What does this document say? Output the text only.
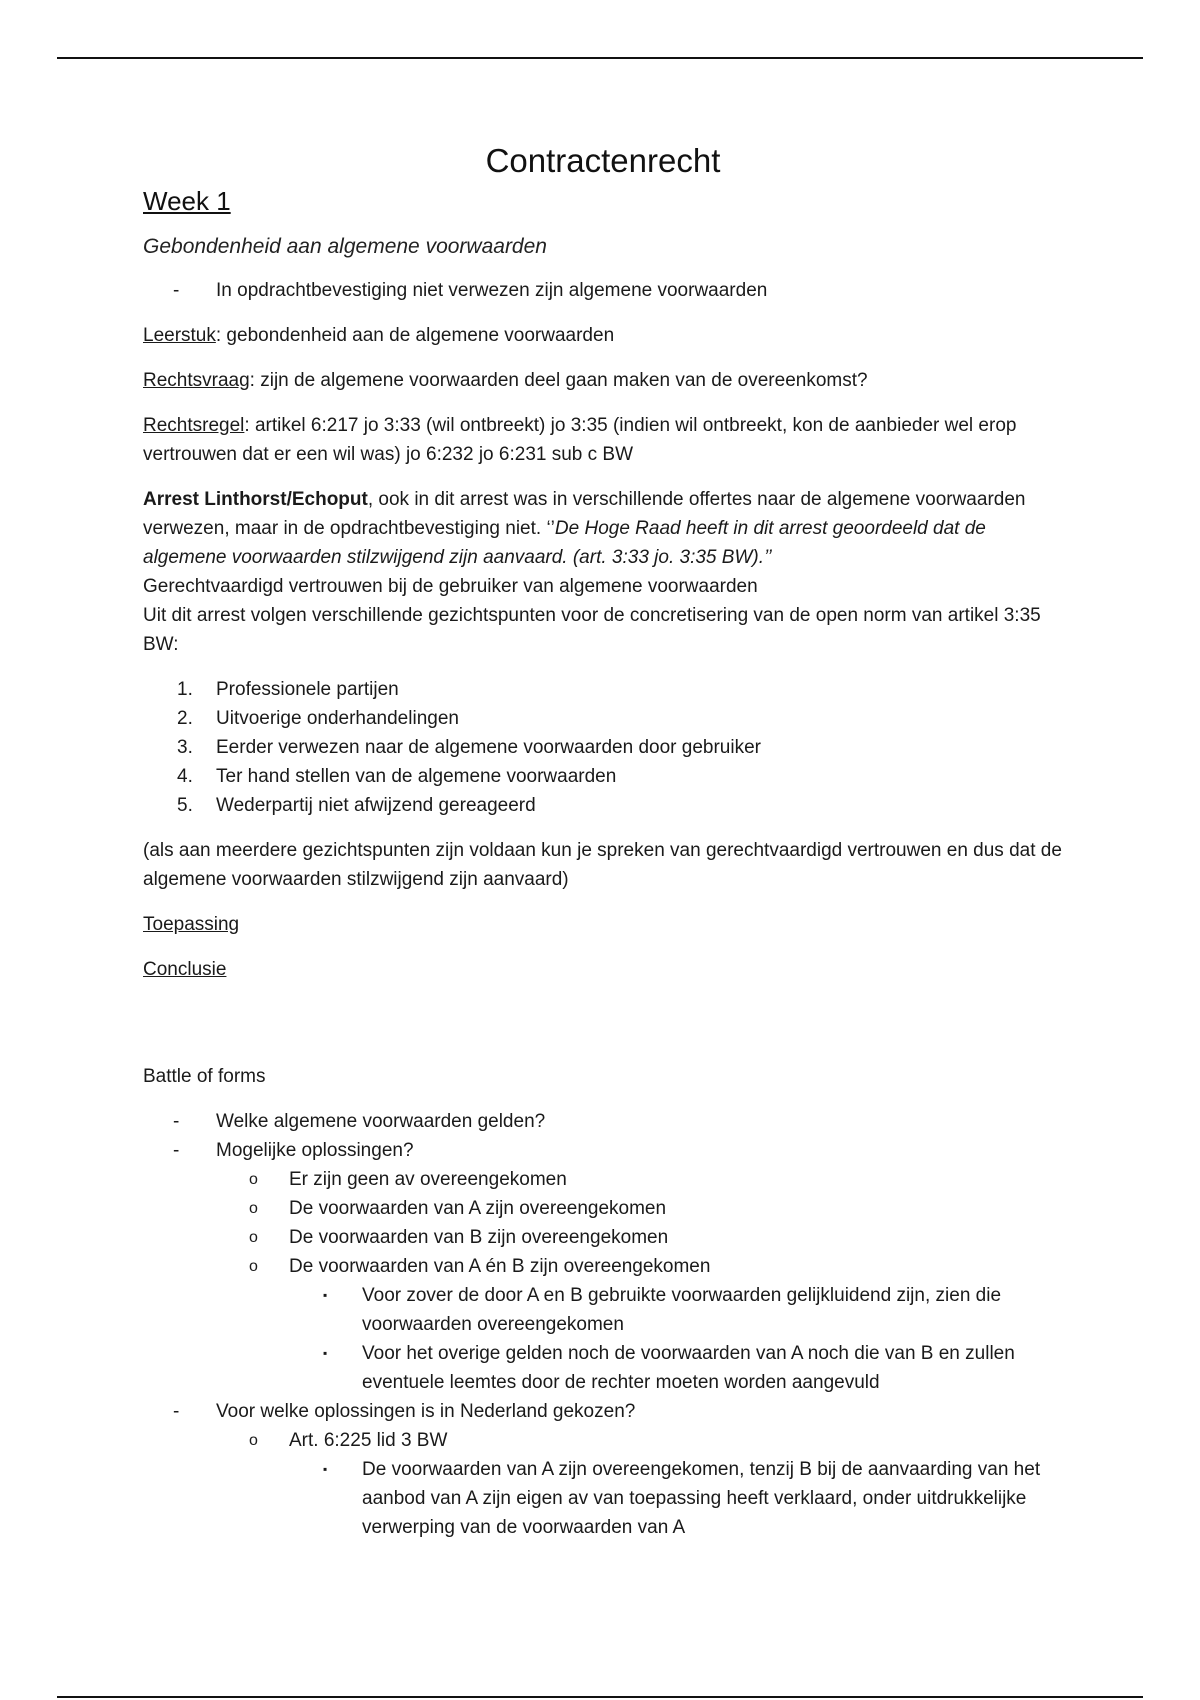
Contractenrecht
Week 1
Gebondenheid aan algemene voorwaarden
-	In opdrachtbevestiging niet verwezen zijn algemene voorwaarden

Leerstuk: gebondenheid aan de algemene voorwaarden

Rechtsvraag: zijn de algemene voorwaarden deel gaan maken van de overeenkomst?

Rechtsregel: artikel 6:217 jo 3:33 (wil ontbreekt) jo 3:35 (indien wil ontbreekt, kon de aanbieder wel erop vertrouwen dat er een wil was) jo 6:232 jo 6:231 sub c BW

Arrest Linthorst/Echoput, ook in dit arrest was in verschillende offertes naar de algemene voorwaarden verwezen, maar in de opdrachtbevestiging niet. ‘’De Hoge Raad heeft in dit arrest geoordeeld dat de algemene voorwaarden stilzwijgend zijn aanvaard. (art. 3:33 jo. 3:35 BW).’’

Gerechtvaardigd vertrouwen bij de gebruiker van algemene voorwaarden

Uit dit arrest volgen verschillende gezichtspunten voor de concretisering van de open norm van artikel 3:35 BW:

1.	Professionele partijen
2.	Uitvoerige onderhandelingen
3.	Eerder verwezen naar de algemene voorwaarden door gebruiker
4.	Ter hand stellen van de algemene voorwaarden
5.	Wederpartij niet afwijzend gereageerd

(als aan meerdere gezichtspunten zijn voldaan kun je spreken van gerechtvaardigd vertrouwen en dus dat de algemene voorwaarden stilzwijgend zijn aanvaard)

Toepassing

Conclusie

Battle of forms

-	Welke algemene voorwaarden gelden?
-	Mogelijke oplossingen?
o	Er zijn geen av overeengekomen
o	De voorwaarden van A zijn overeengekomen
o	De voorwaarden van B zijn overeengekomen
o	De voorwaarden van A én B zijn overeengekomen
▪	Voor zover de door A en B gebruikte voorwaarden gelijkluidend zijn, zien die voorwaarden overeengekomen
▪	Voor het overige gelden noch de voorwaarden van A noch die van B en zullen eventuele leemtes door de rechter moeten worden aangevuld
-	Voor welke oplossingen is in Nederland gekozen?
o	Art. 6:225 lid 3 BW
▪	De voorwaarden van A zijn overeengekomen, tenzij B bij de aanvaarding van het aanbod van A zijn eigen av van toepassing heeft verklaard, onder uitdrukkelijke verwerping van de voorwaarden van A
